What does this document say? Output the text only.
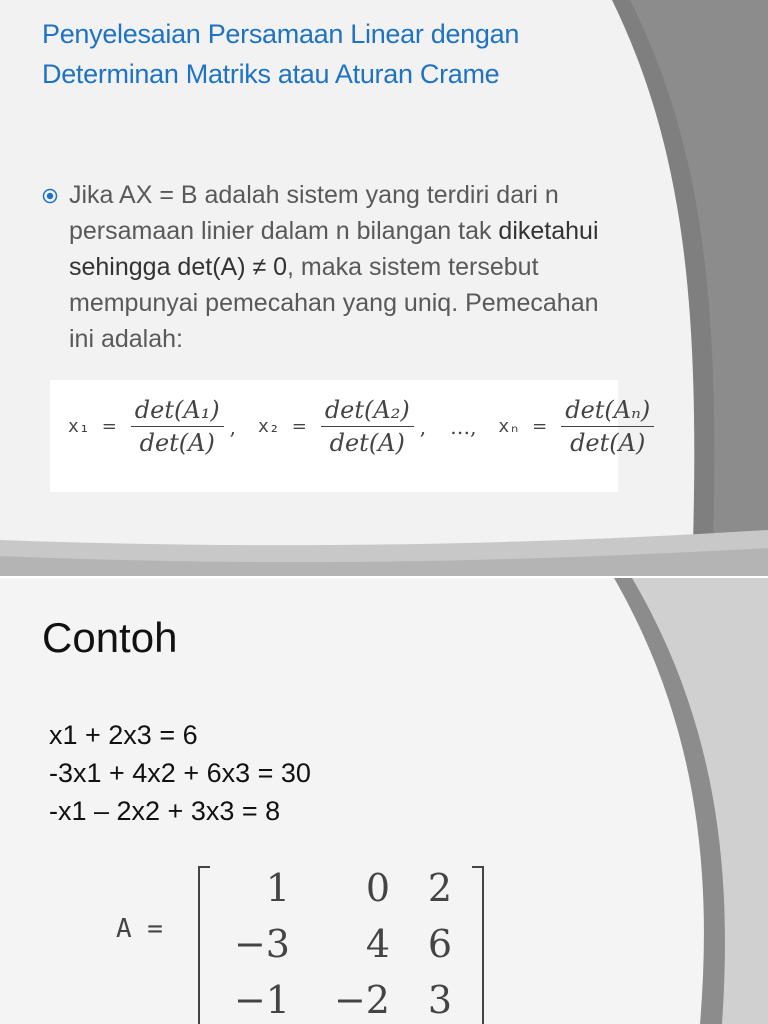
Penyelesaian Persamaan Linear dengan Determinan Matriks atau Aturan Crame
Jika AX = B adalah sistem yang terdiri dari n persamaan linier dalam n bilangan tak diketahui sehingga det(A) ≠ 0, maka sistem tersebut mempunyai pemecahan yang uniq. Pemecahan ini adalah:
$x_1 = \frac{\text{det(A₁)}}{\det(A)}$ , $x_2 = \frac{\text{det(A₂)}}{\det(A)}$ , …, $x_n = \frac{\text{det(Aₙ)}}{\det(A)}$
Contoh
x1 + 2x3 = 6
-3x1 + 4x2 + 6x3 = 30
-x1 – 2x2 + 3x3 = 8
A =
1	0 2
−3	4 6
−1	−2 3
